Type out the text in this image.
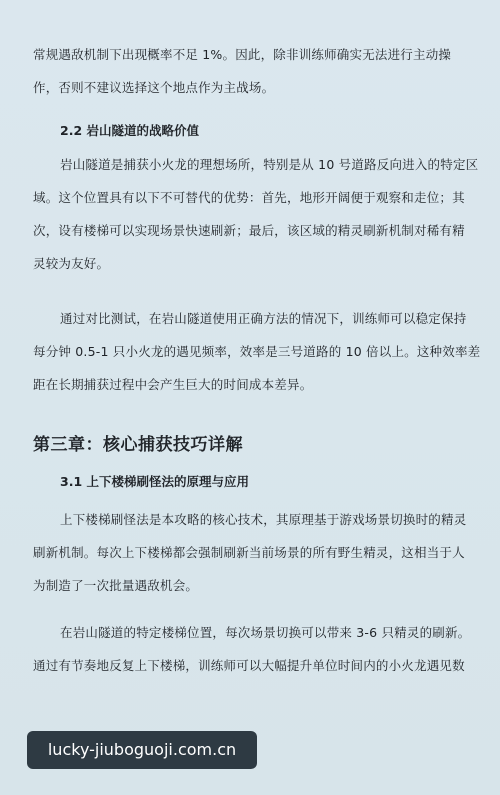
常规遇敌机制下出现概率不足 1%。因此，除非训练师确实无法进行主动操
作，否则不建议选择这个地点作为主战场。
2.2 岩山隧道的战略价值
岩山隧道是捕获小火龙的理想场所，特别是从 10 号道路反向进入的特定区
域。这个位置具有以下不可替代的优势：首先，地形开阔便于观察和走位；其
次，设有楼梯可以实现场景快速刷新；最后，该区域的精灵刷新机制对稀有精
灵较为友好。
通过对比测试，在岩山隧道使用正确方法的情况下，训练师可以稳定保持
每分钟 0.5-1 只小火龙的遇见频率，效率是三号道路的 10 倍以上。这种效率差
距在长期捕获过程中会产生巨大的时间成本差异。
第三章：核心捕获技巧详解
3.1 上下楼梯刷怪法的原理与应用
上下楼梯刷怪法是本攻略的核心技术，其原理基于游戏场景切换时的精灵
刷新机制。每次上下楼梯都会强制刷新当前场景的所有野生精灵，这相当于人
为制造了一次批量遇敌机会。
在岩山隧道的特定楼梯位置，每次场景切换可以带来 3-6 只精灵的刷新。
通过有节奏地反复上下楼梯，训练师可以大幅提升单位时间内的小火龙遇见数
lucky-jiuboguoji.com.cn
